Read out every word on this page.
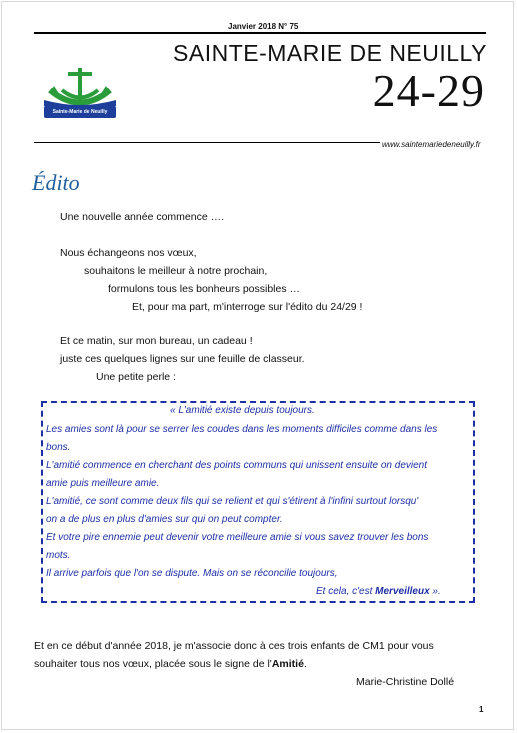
Janvier 2018 N° 75
SAINTE-MARIE DE NEUILLY
24-29
Sainte-Marie de Neuilly
www.saintemariedeneuilly.fr
Édito
Une nouvelle année commence ….
Nous échangeons nos vœux,
souhaitons le meilleur à notre prochain,
formulons tous les bonheurs possibles …
Et, pour ma part, m'interroge sur l'édito du 24/29 !
Et ce matin, sur mon bureau, un cadeau !
juste ces quelques lignes sur une feuille de classeur.
Une petite perle :
« L'amitié existe depuis toujours.
Les amies sont là pour se serrer les coudes dans les moments difficiles comme dans les
bons.
L'amitié commence en cherchant des points communs qui unissent ensuite on devient
amie puis meilleure amie.
L'amitié, ce sont comme deux fils qui se relient et qui s'étirent à l'infini surtout lorsqu'
on a de plus en plus d'amies sur qui on peut compter.
Et votre pire ennemie peut devenir votre meilleure amie si vous savez trouver les bons
mots.
Il arrive parfois que l'on se dispute. Mais on se réconcilie toujours,
Et cela, c'est Merveilleux ».
Et en ce début d'année 2018, je m'associe donc à ces trois enfants de CM1 pour vous
souhaiter tous nos vœux, placée sous le signe de l'Amitié.
Marie-Christine Dollé
1
